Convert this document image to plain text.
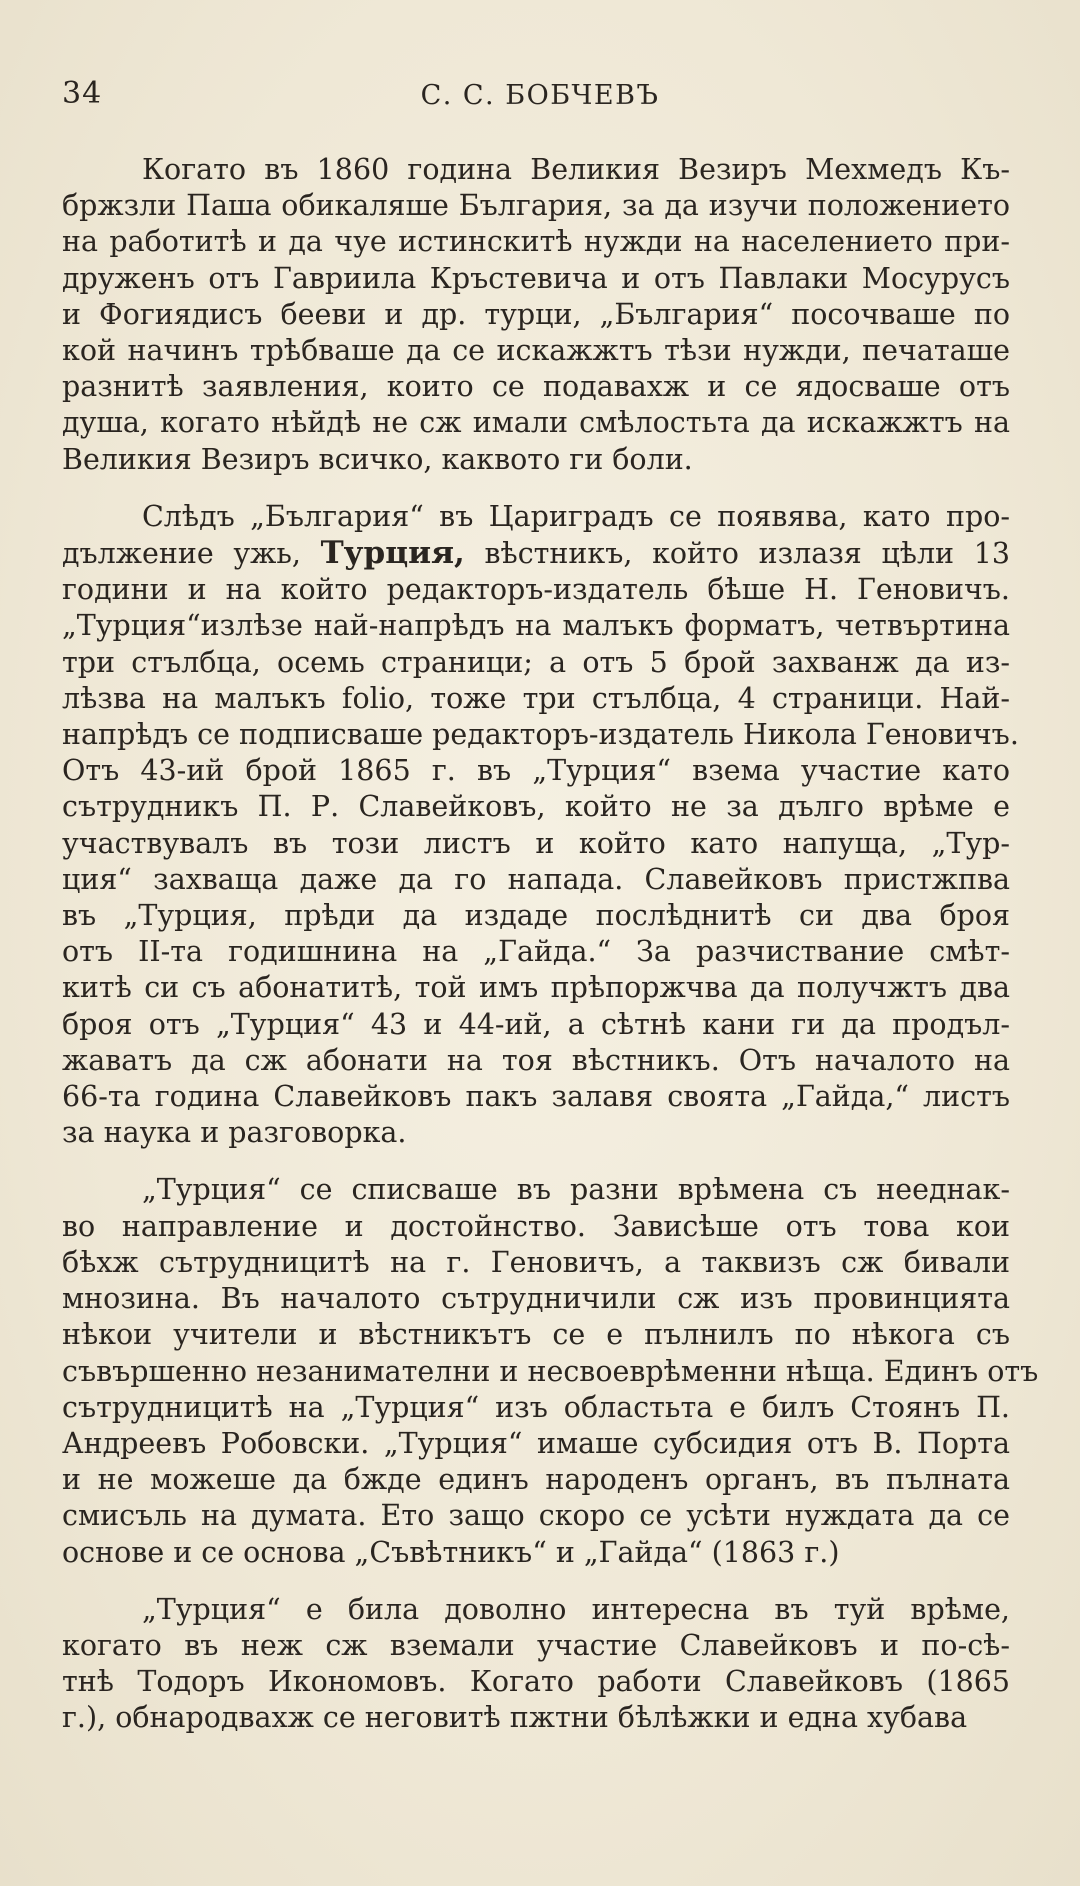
34	С. С. БОБЧЕВЪ
Когато въ 1860 година Великия Везиръ Мехмедъ Къ-
бржзли Паша обикаляше България, за да изучи положението
на работитѣ и да чуе истинскитѣ нужди на населението при-
друженъ отъ Гавриила Кръстевича и отъ Павлаки Мосурусъ
и Фогиядисъ бееви и др. турци, „България“ посочваше по
кой начинъ трѣбваше да се искажжтъ тѣзи нужди, печаташе
разнитѣ заявления, които се подавахж и се ядосваше отъ
душа, когато нѣйдѣ не сж имали смѣлостьта да искажжтъ на
Великия Везиръ всичко, каквото ги боли.
Слѣдъ „България“ въ Цариградъ се появява, като про-
дължение ужь, Турция, вѣстникъ, който излазя цѣли 13
години и на който редакторъ-издатель бѣше Н. Геновичъ.
„Турция“излѣзе най-напрѣдъ на малъкъ форматъ, четвъртина
три стълбца, осемь страници; а отъ 5 брой захванж да из-
лѣзва на малъкъ folio, тоже три стълбца, 4 страници. Най-
напрѣдъ се подписваше редакторъ-издатель Никола Геновичъ.
Отъ 43-ий брой 1865 г. въ „Турция“ взема участие като
сътрудникъ П. Р. Славейковъ, който не за дълго врѣме е
участвувалъ въ този листъ и който като напуща, „Тур-
ция“ захваща даже да го напада. Славейковъ пристжпва
въ „Турция, прѣди да издаде послѣднитѣ си два броя
отъ II-та годишнина на „Гайда.“ За разчиствание смѣт-
китѣ си съ абонатитѣ, той имъ прѣпоржчва да получжтъ два
броя отъ „Турция“ 43 и 44-ий, а сѣтнѣ кани ги да продъл-
жаватъ да сж абонати на тоя вѣстникъ. Отъ началото на
66-та година Славейковъ пакъ залавя своята „Гайда,“ листъ
за наука и разговорка.
„Турция“ се списваше въ разни врѣмена съ нееднак-
во направление и достойнство. Зависѣше отъ това кои
бѣхж сътрудницитѣ на г. Геновичъ, а таквизъ сж бивали
мнозина. Въ началото сътрудничили сж изъ провинцията
нѣкои учители и вѣстникътъ се е пълнилъ по нѣкога съ
съвършенно незанимателни и несвоеврѣменни нѣща. Единъ отъ
сътрудницитѣ на „Турция“ изъ областьта е билъ Стоянъ П.
Андреевъ Робовски. „Турция“ имаше субсидия отъ В. Порта
и не можеше да бжде единъ народенъ органъ, въ пълната
смисъль на думата. Ето защо скоро се усѣти нуждата да се
основе и се основа „Съвѣтникъ“ и „Гайда“ (1863 г.)
„Турция“ е била доволно интересна въ туй врѣме,
когато въ неж сж вземали участие Славейковъ и по-сѣ-
тнѣ Тодоръ Икономовъ. Когато работи Славейковъ (1865
г.), обнародвахж се неговитѣ пжтни бѣлѣжки и една хубава
